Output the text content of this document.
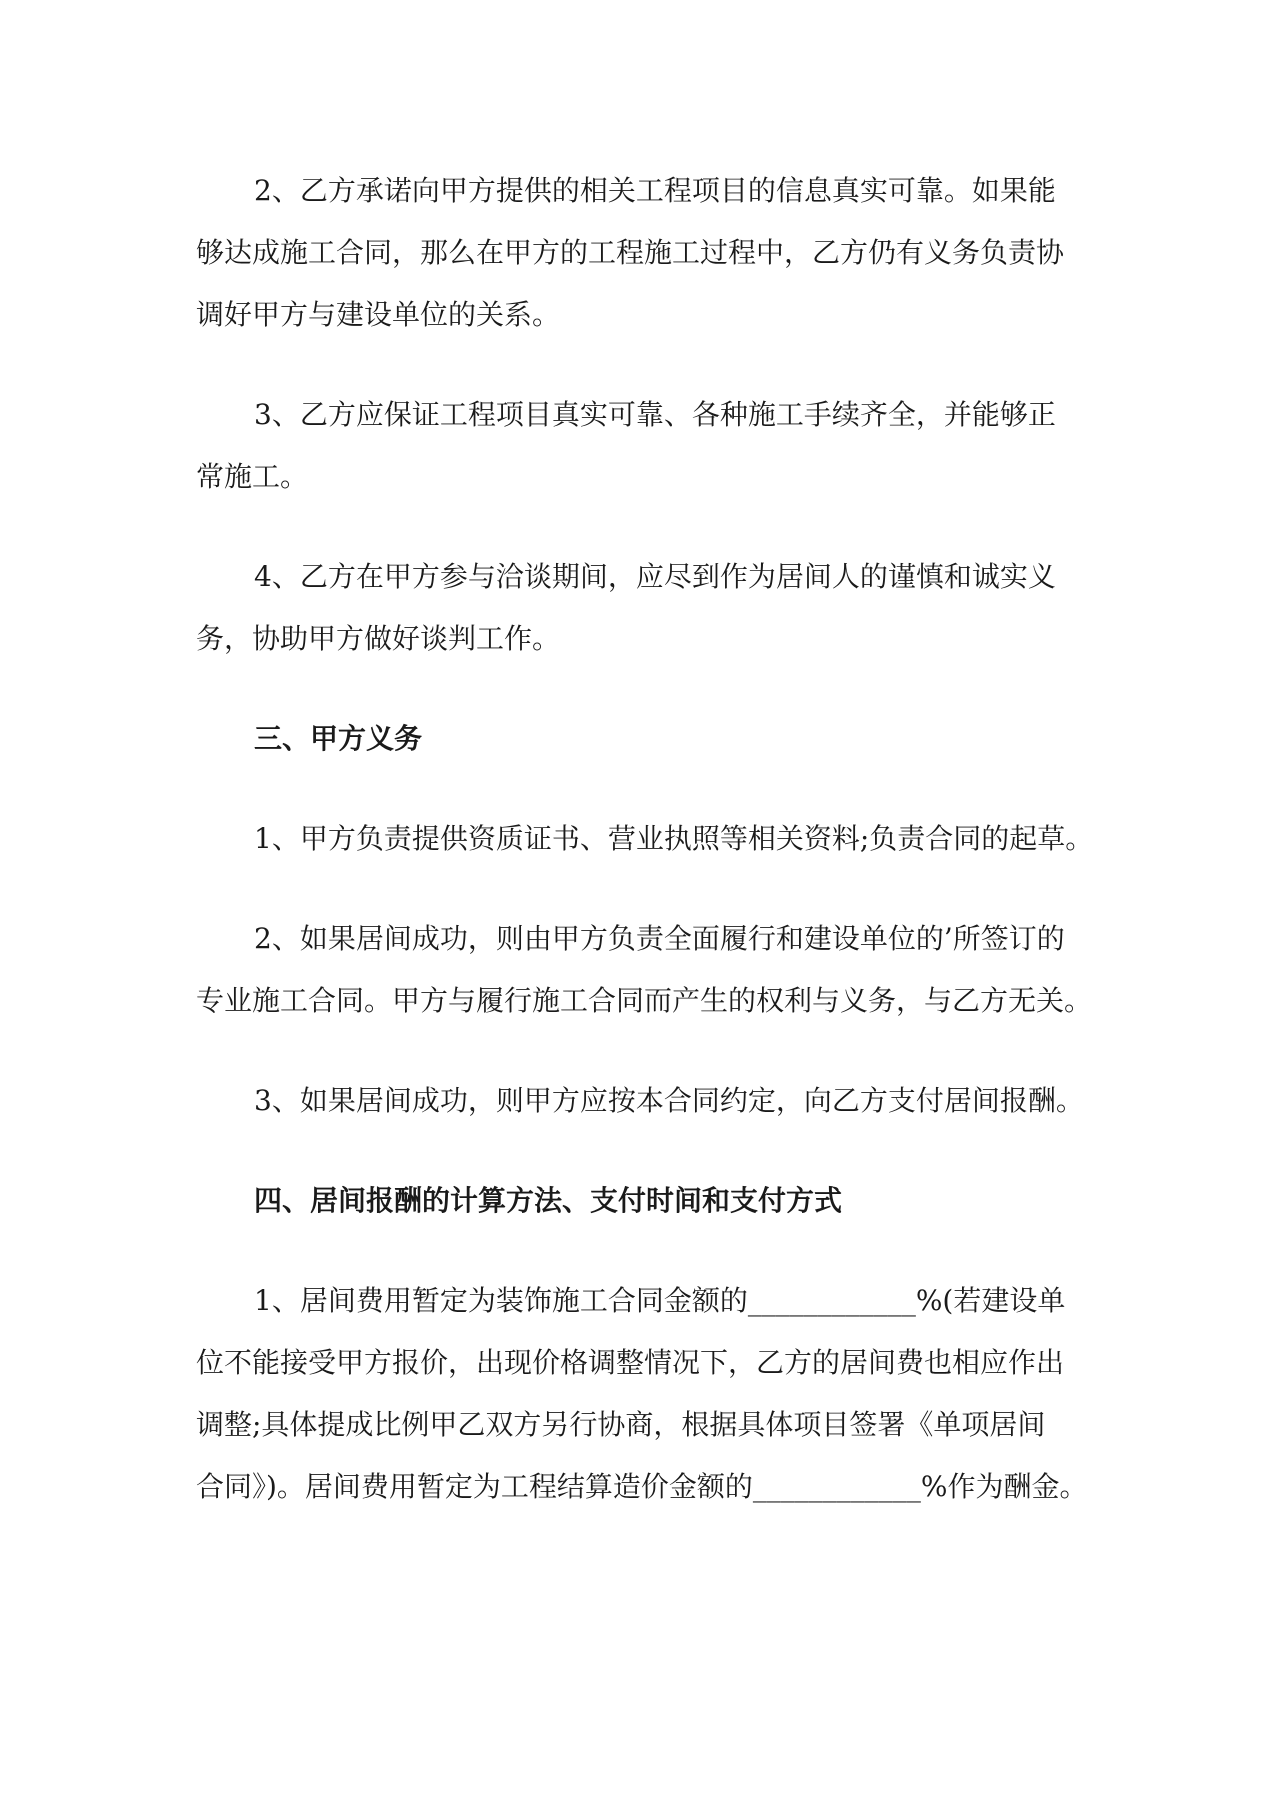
2、乙方承诺向甲方提供的相关工程项目的信息真实可靠。如果能
够达成施工合同，那么在甲方的工程施工过程中，乙方仍有义务负责协
调好甲方与建设单位的关系。

3、乙方应保证工程项目真实可靠、各种施工手续齐全，并能够正
常施工。

4、乙方在甲方参与洽谈期间，应尽到作为居间人的谨慎和诚实义
务，协助甲方做好谈判工作。

三、甲方义务

1、甲方负责提供资质证书、营业执照等相关资料;负责合同的起草。

2、如果居间成功，则由甲方负责全面履行和建设单位的’所签订的
专业施工合同。甲方与履行施工合同而产生的权利与义务，与乙方无关。

3、如果居间成功，则甲方应按本合同约定，向乙方支付居间报酬。

四、居间报酬的计算方法、支付时间和支付方式

1、居间费用暂定为装饰施工合同金额的____________%(若建设单
位不能接受甲方报价，出现价格调整情况下，乙方的居间费也相应作出
调整;具体提成比例甲乙双方另行协商，根据具体项目签署《单项居间
合同》)。居间费用暂定为工程结算造价金额的____________%作为酬金。
